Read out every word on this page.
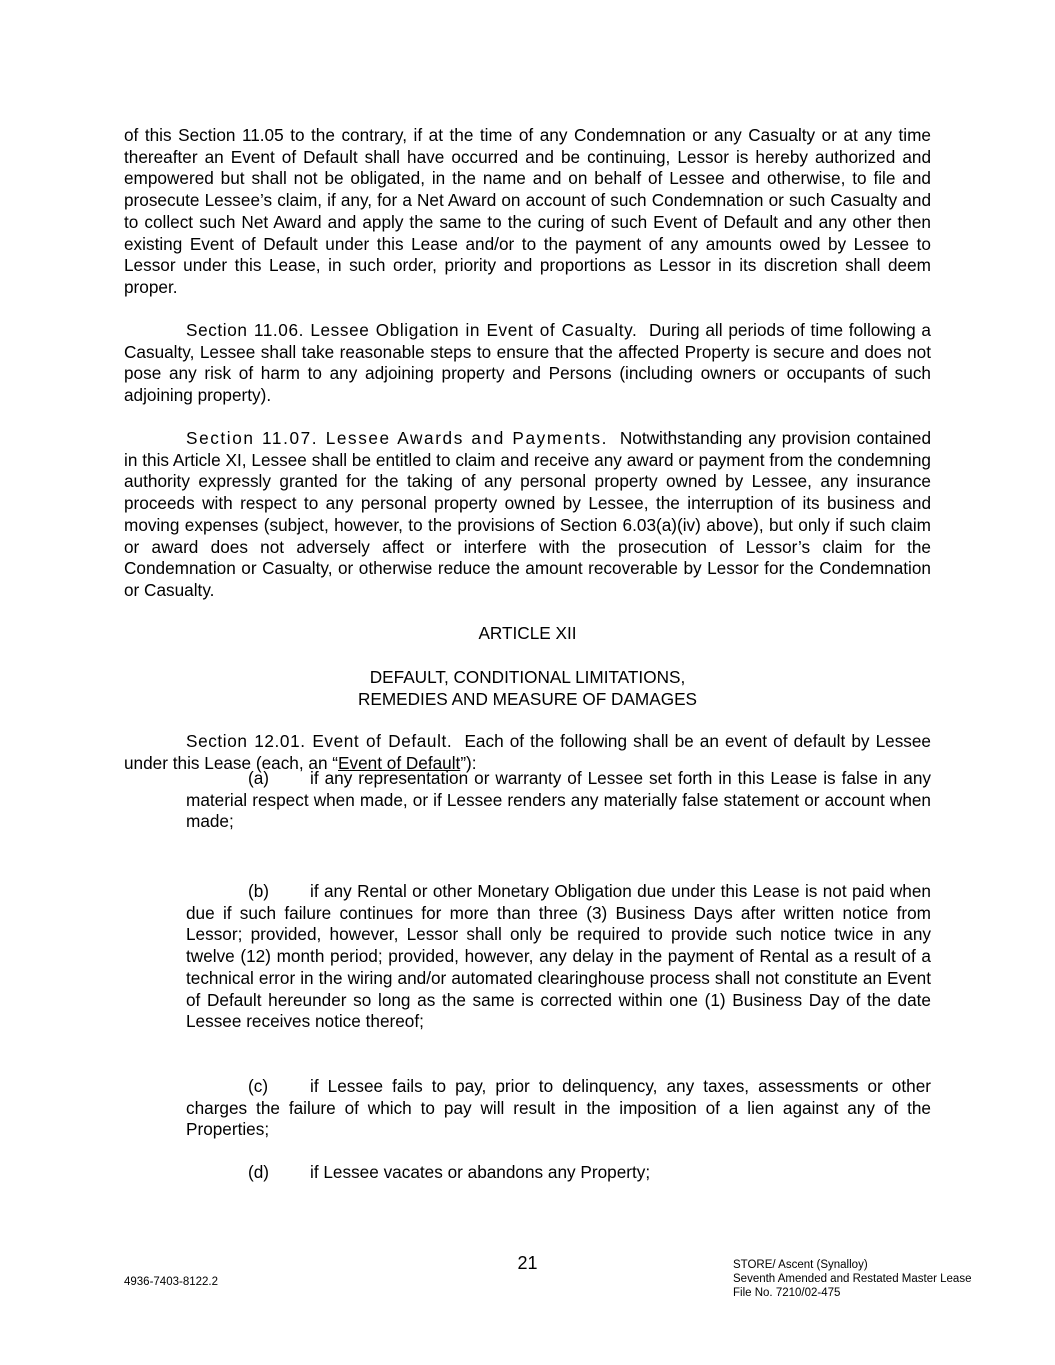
of this Section 11.05 to the contrary, if at the time of any Condemnation or any Casualty or at any time thereafter an Event of Default shall have occurred and be continuing, Lessor is hereby authorized and empowered but shall not be obligated, in the name and on behalf of Lessee and otherwise, to file and prosecute Lessee’s claim, if any, for a Net Award on account of such Condemnation or such Casualty and to collect such Net Award and apply the same to the curing of such Event of Default and any other then existing Event of Default under this Lease and/or to the payment of any amounts owed by Lessee to Lessor under this Lease, in such order, priority and proportions as Lessor in its discretion shall deem proper.

Section 11.06. Lessee Obligation in Event of Casualty. During all periods of time following a Casualty, Lessee shall take reasonable steps to ensure that the affected Property is secure and does not pose any risk of harm to any adjoining property and Persons (including owners or occupants of such adjoining property).

Section 11.07. Lessee Awards and Payments. Notwithstanding any provision contained in this Article XI, Lessee shall be entitled to claim and receive any award or payment from the condemning authority expressly granted for the taking of any personal property owned by Lessee, any insurance proceeds with respect to any personal property owned by Lessee, the interruption of its business and moving expenses (subject, however, to the provisions of Section 6.03(a)(iv) above), but only if such claim or award does not adversely affect or interfere with the prosecution of Lessor’s claim for the Condemnation or Casualty, or otherwise reduce the amount recoverable by Lessor for the Condemnation or Casualty.

ARTICLE XII

DEFAULT, CONDITIONAL LIMITATIONS,
REMEDIES AND MEASURE OF DAMAGES

Section 12.01. Event of Default. Each of the following shall be an event of default by Lessee under this Lease (each, an “Event of Default”):

(a) if any representation or warranty of Lessee set forth in this Lease is false in any material respect when made, or if Lessee renders any materially false statement or account when made;

(b) if any Rental or other Monetary Obligation due under this Lease is not paid when due if such failure continues for more than three (3) Business Days after written notice from Lessor; provided, however, Lessor shall only be required to provide such notice twice in any twelve (12) month period; provided, however, any delay in the payment of Rental as a result of a technical error in the wiring and/or automated clearinghouse process shall not constitute an Event of Default hereunder so long as the same is corrected within one (1) Business Day of the date Lessee receives notice thereof;

(c) if Lessee fails to pay, prior to delinquency, any taxes, assessments or other charges the failure of which to pay will result in the imposition of a lien against any of the Properties;

(d) if Lessee vacates or abandons any Property;

21
4936-7403-8122.2
STORE/ Ascent (Synalloy)
Seventh Amended and Restated Master Lease
File No. 7210/02-475
